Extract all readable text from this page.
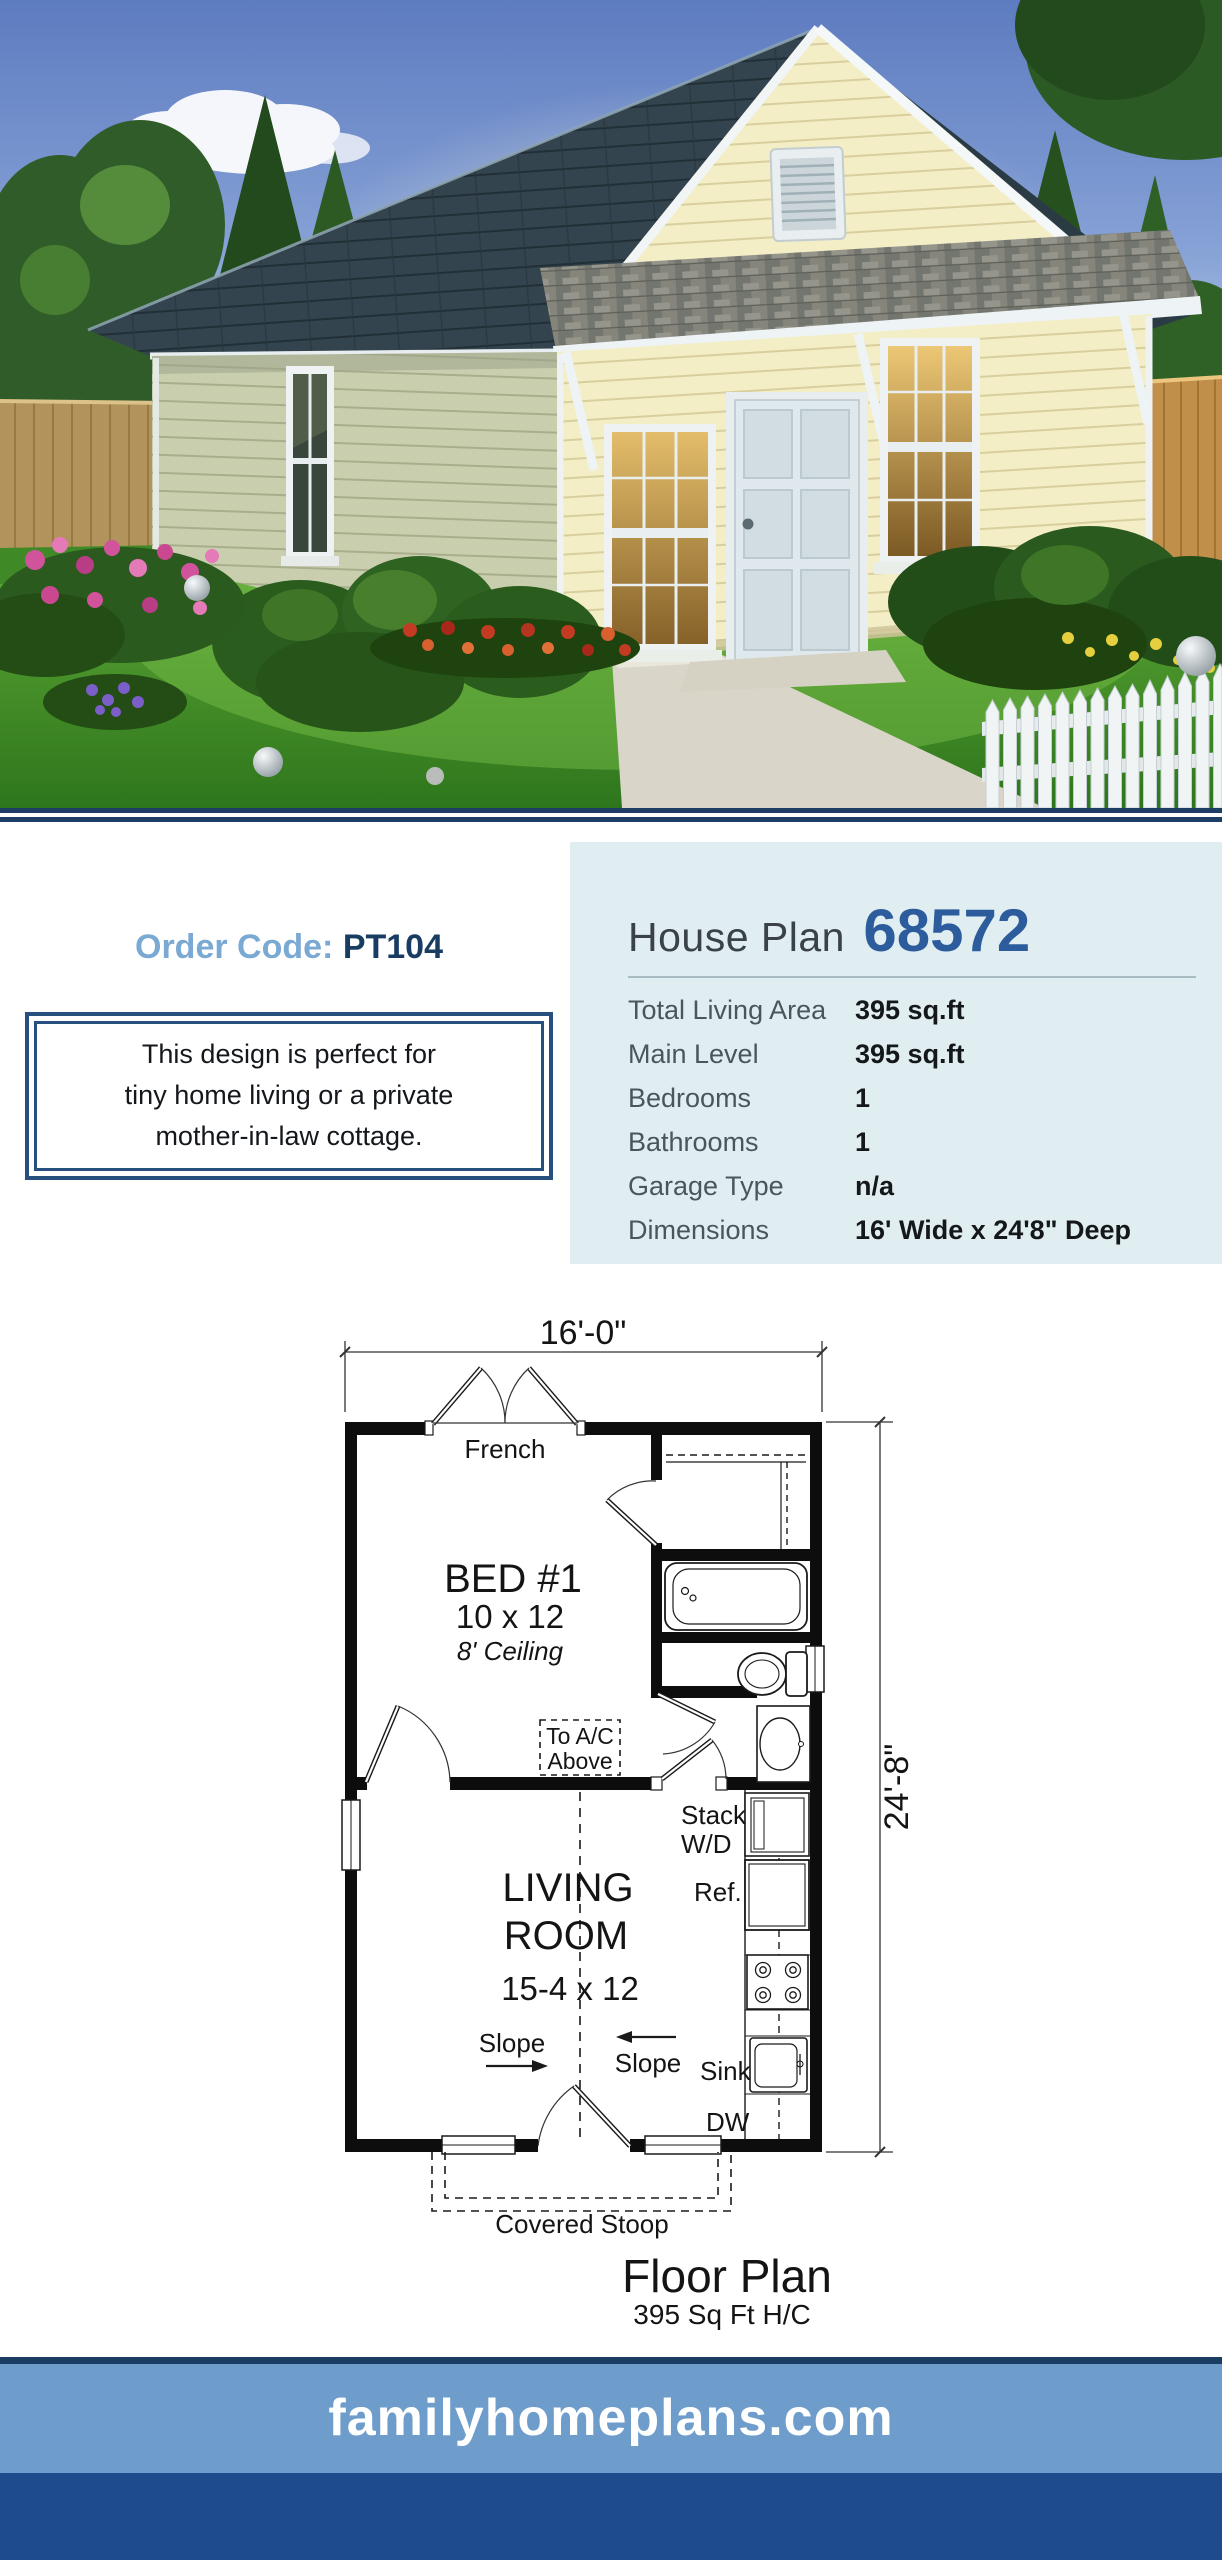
Order Code: PT104
This design is perfect for
tiny home living or a private
mother-in-law cottage.
House Plan 68572
Total Living Area	395 sq.ft
Main Level	395 sq.ft
Bedrooms	1
Bathrooms	1
Garage Type	n/a
Dimensions	16' Wide x 24'8" Deep
16'-0"
24'-8"
French
BED #1
10 x 12
8' Ceiling
To A/C
Above
Stack
W/D
Ref.
LIVING
ROOM
15-4 x 12
Slope
Slope Sink
DW
Covered Stoop
Floor Plan
395 Sq Ft H/C
familyhomeplans.com
